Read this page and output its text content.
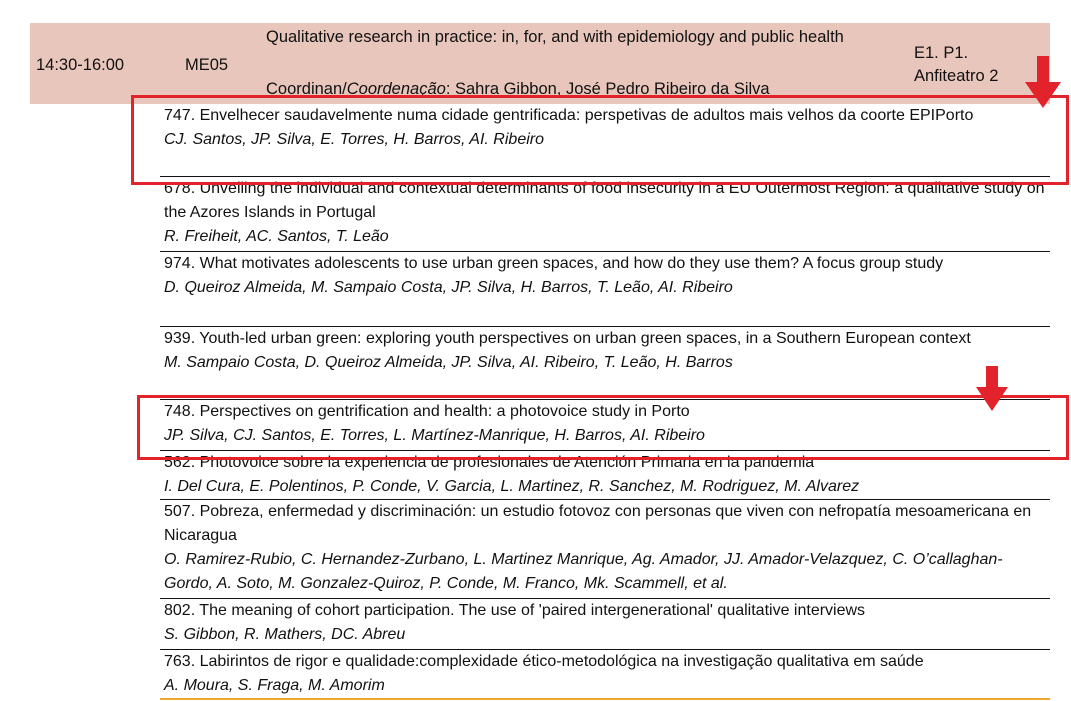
14:30-16:00	ME05
Qualitative research in practice: in, for, and with epidemiology and public health
Coordinan/Coordenação: Sahra Gibbon, José Pedro Ribeiro da Silva
E1. P1.
Anfiteatro 2
747. Envelhecer saudavelmente numa cidade gentrificada: perspetivas de adultos mais velhos da coorte EPIPorto
CJ. Santos, JP. Silva, E. Torres, H. Barros, AI. Ribeiro
678. Unveiling the individual and contextual determinants of food insecurity in a EU Outermost Region: a qualitative study on the Azores Islands in Portugal
R. Freiheit, AC. Santos, T. Leão
974. What motivates adolescents to use urban green spaces, and how do they use them? A focus group study
D. Queiroz Almeida, M. Sampaio Costa, JP. Silva, H. Barros, T. Leão, AI. Ribeiro
939. Youth-led urban green: exploring youth perspectives on urban green spaces, in a Southern European context
M. Sampaio Costa, D. Queiroz Almeida, JP. Silva, AI. Ribeiro, T. Leão, H. Barros
748. Perspectives on gentrification and health: a photovoice study in Porto
JP. Silva, CJ. Santos, E. Torres, L. Martínez-Manrique, H. Barros, AI. Ribeiro
562. Photovoice sobre la experiencia de profesionales de Atención Primaria en la pandemia
I. Del Cura, E. Polentinos, P. Conde, V. Garcia, L. Martinez, R. Sanchez, M. Rodriguez, M. Alvarez
507. Pobreza, enfermedad y discriminación: un estudio fotovoz con personas que viven con nefropatía mesoamericana en Nicaragua
O. Ramirez-Rubio, C. Hernandez-Zurbano, L. Martinez Manrique, Ag. Amador, JJ. Amador-Velazquez, C. O’callaghan-Gordo, A. Soto, M. Gonzalez-Quiroz, P. Conde, M. Franco, Mk. Scammell, et al.
802. The meaning of cohort participation. The use of 'paired intergenerational' qualitative interviews
S. Gibbon, R. Mathers, DC. Abreu
763. Labirintos de rigor e qualidade:complexidade ético-metodológica na investigação qualitativa em saúde
A. Moura, S. Fraga, M. Amorim
